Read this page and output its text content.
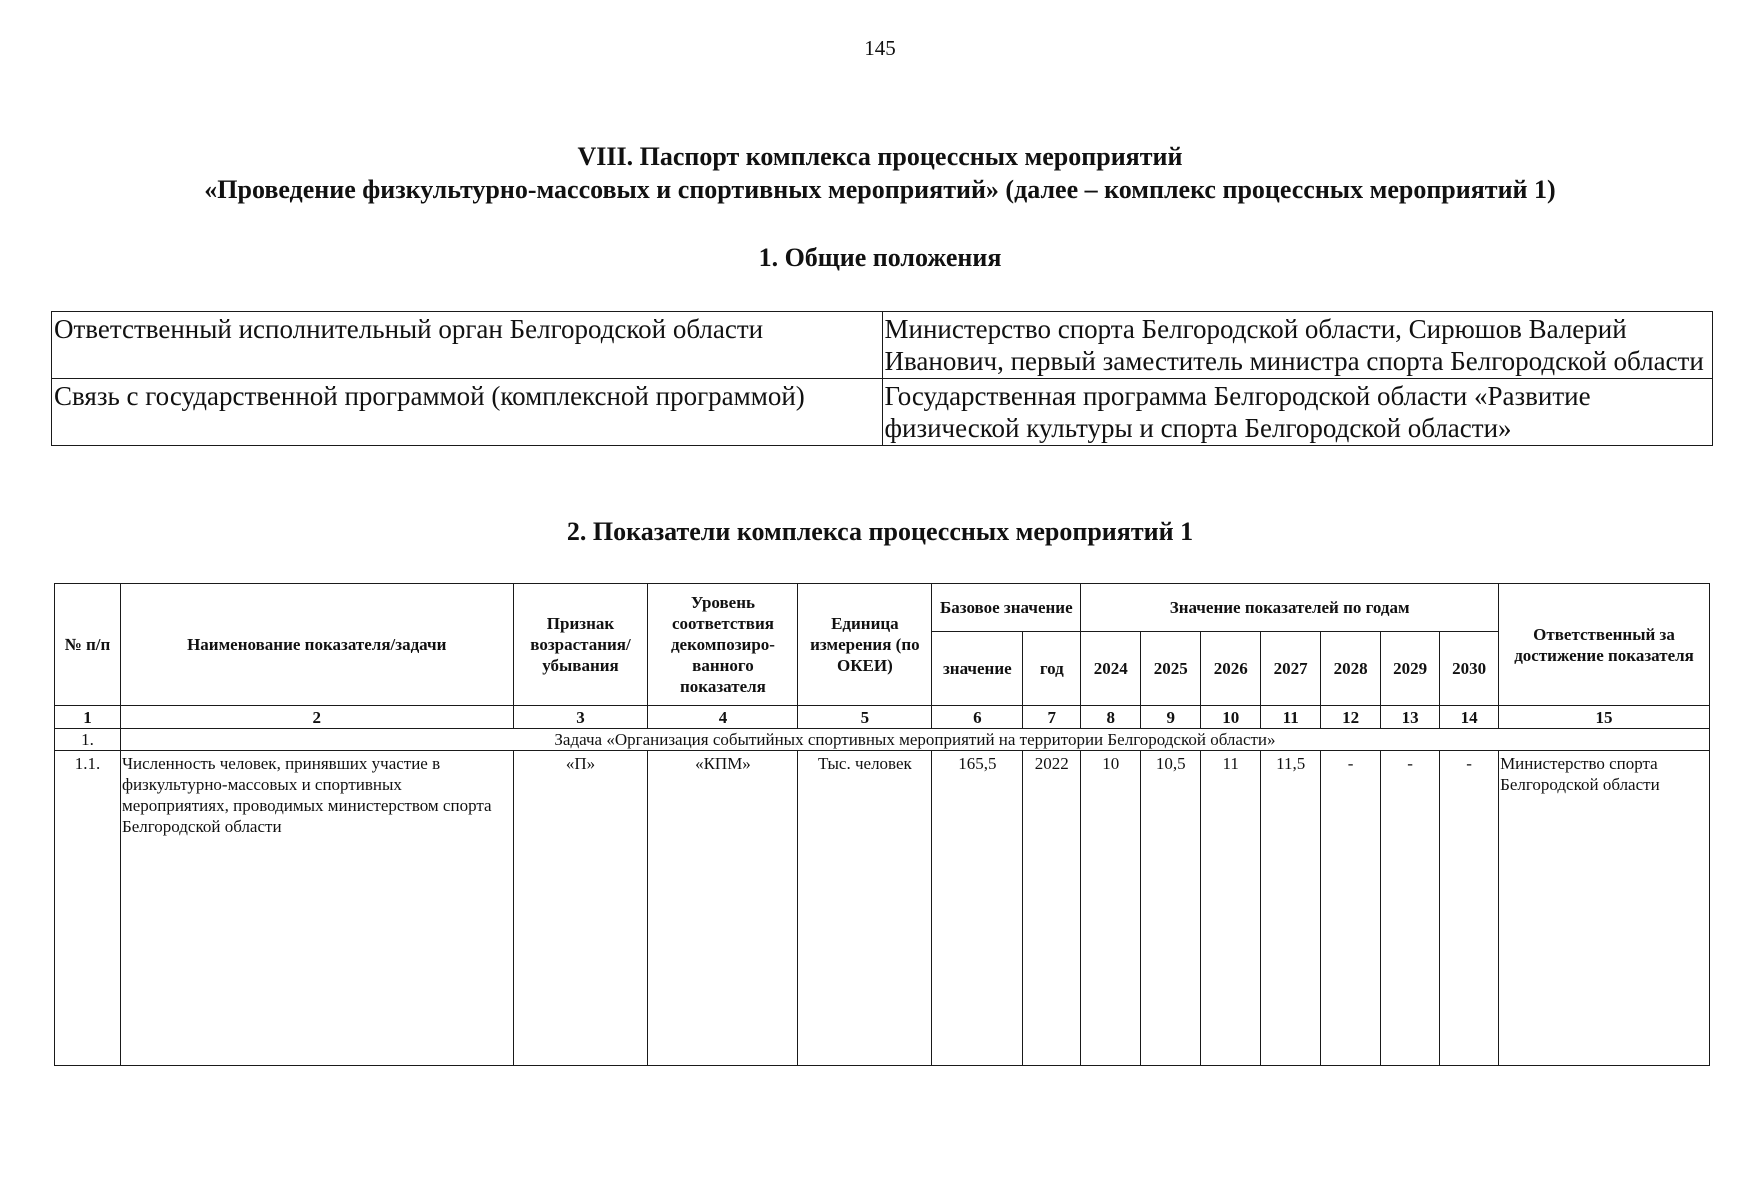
145
VIII. Паспорт комплекса процессных мероприятий
«Проведение физкультурно-массовых и спортивных мероприятий» (далее – комплекс процессных мероприятий 1)
1. Общие положения
Ответственный исполнительный орган Белгородской области	Министерство спорта Белгородской области, Сирюшов Валерий Иванович, первый заместитель министра спорта Белгородской области
Связь с государственной программой (комплексной программой)	Государственная программа Белгородской области «Развитие физической культуры и спорта Белгородской области»
2. Показатели комплекса процессных мероприятий 1
№ п/п	Наименование показателя/задачи	Признак возрастания/ убывания	Уровень соответствия декомпозиро-ванного показателя	Единица измерения (по ОКЕИ)	Базовое значение		Значение показателей по годам							Ответственный за достижение показателя
					значение	год	2024	2025	2026	2027	2028	2029	2030	
1	2	3	4	5	6	7	8	9	10	11	12	13	14	15
1.	Задача «Организация событийных спортивных мероприятий на территории Белгородской области»													
1.1.	Численность человек, принявших участие в физкультурно-массовых и спортивных мероприятиях, проводимых министерством спорта Белгородской области	«П»	«КПМ»	Тыс. человек	165,5	2022	10	10,5	11	11,5	-	-	-	Министерство спорта Белгородской области
